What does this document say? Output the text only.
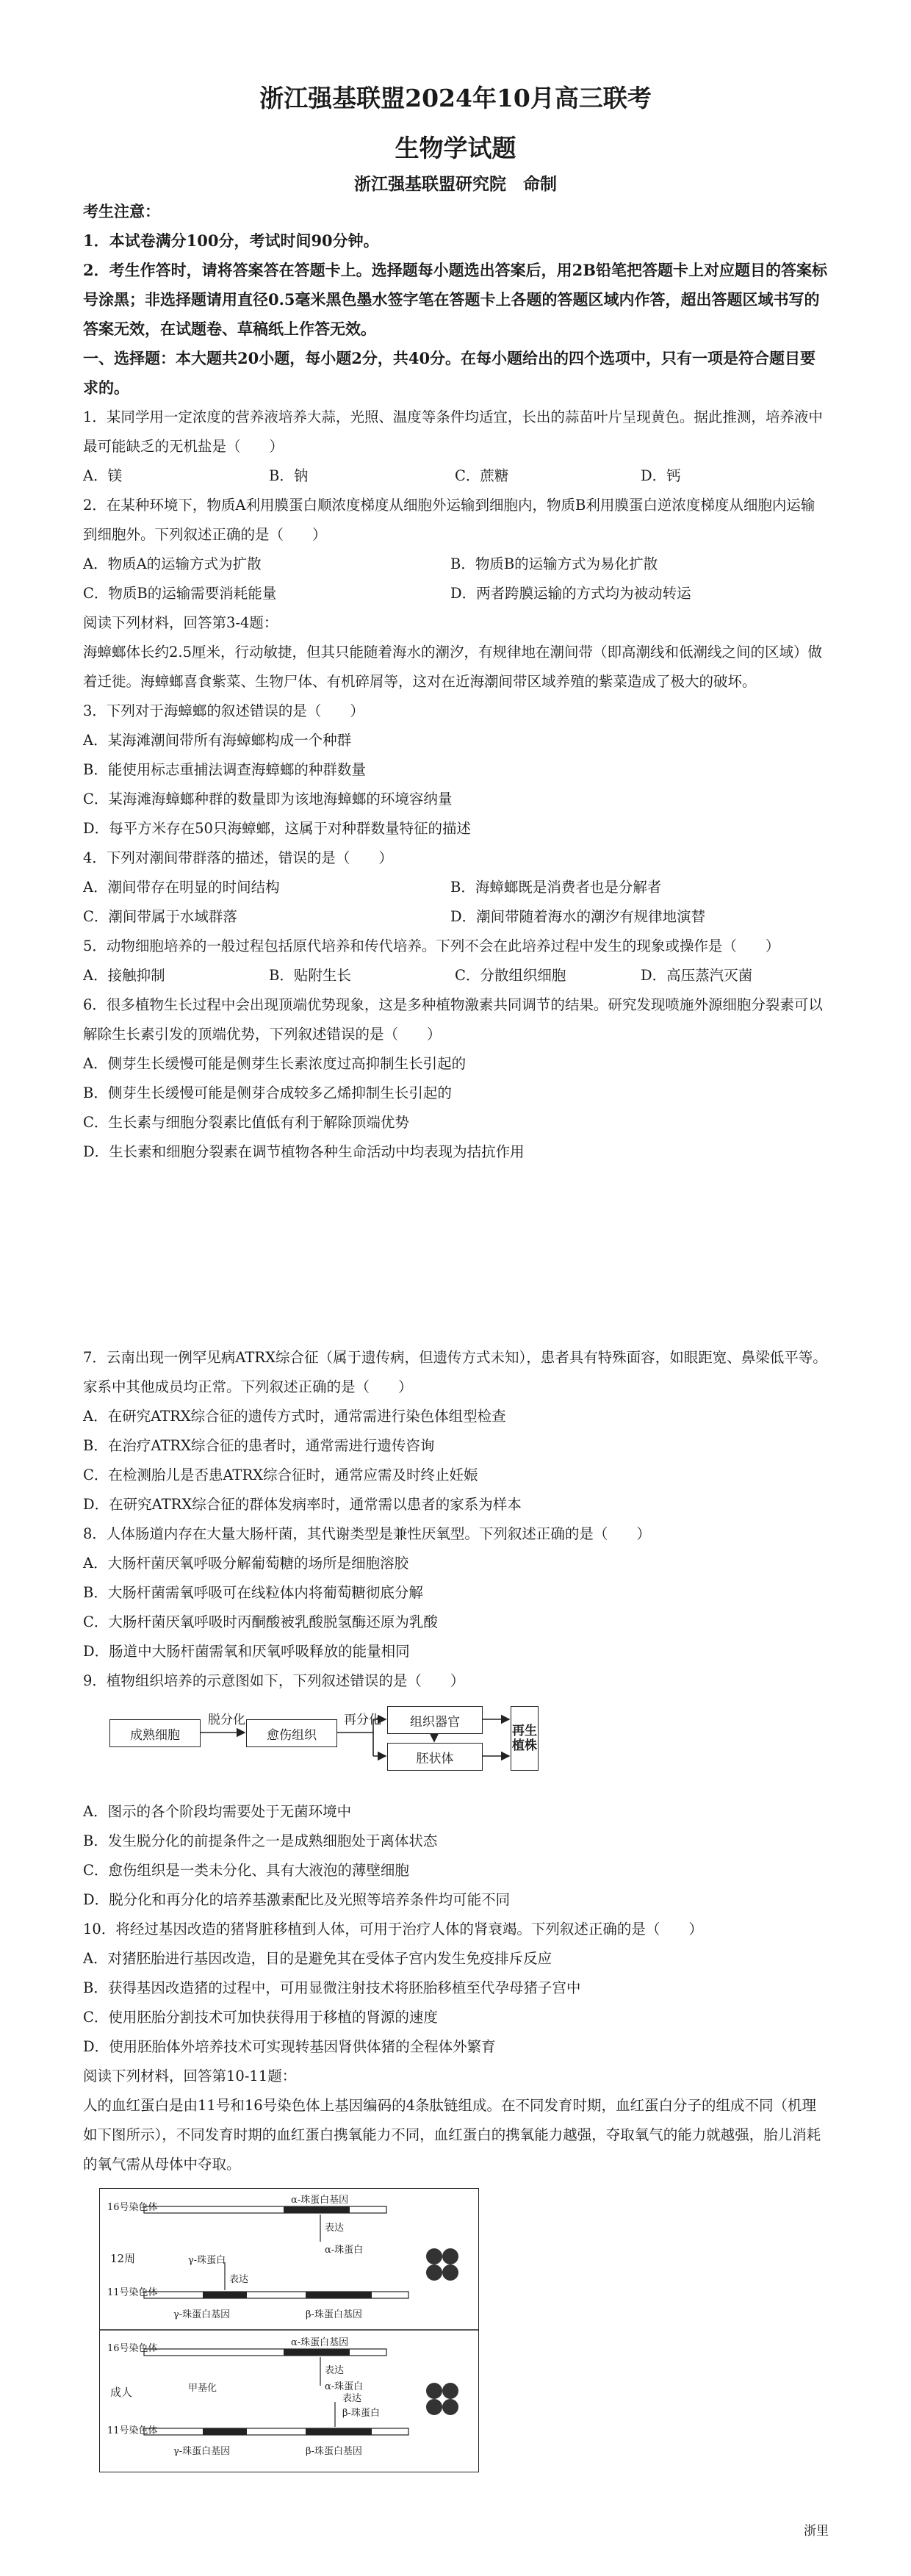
浙江强基联盟2024年10月高三联考
生物学试题
浙江强基联盟研究院　命制

考生注意：

1．本试卷满分100分，考试时间90分钟。

2．考生作答时，请将答案答在答题卡上。选择题每小题选出答案后，用2B铅笔把答题卡上对应题目的答案标号涂黑；非选择题请用直径0.5毫米黑色墨水签字笔在答题卡上各题的答题区域内作答，超出答题区域书写的答案无效，在试题卷、草稿纸上作答无效。

一、选择题：本大题共20小题，每小题2分，共40分。在每小题给出的四个选项中，只有一项是符合题目要求的。

1．某同学用一定浓度的营养液培养大蒜，光照、温度等条件均适宜，长出的蒜苗叶片呈现黄色。据此推测，培养液中最可能缺乏的无机盐是（　　）

A．镁	B．钠	C．蔗糖	D．钙

2．在某种环境下，物质A利用膜蛋白顺浓度梯度从细胞外运输到细胞内，物质B利用膜蛋白逆浓度梯度从细胞内运输到细胞外。下列叙述正确的是（　　）

A．物质A的运输方式为扩散	B．物质B的运输方式为易化扩散
C．物质B的运输需要消耗能量	D．两者跨膜运输的方式均为被动转运

阅读下列材料，回答第3-4题：

海蟑螂体长约2.5厘米，行动敏捷，但其只能随着海水的潮汐，有规律地在潮间带（即高潮线和低潮线之间的区域）做着迁徙。海蟑螂喜食紫菜、生物尸体、有机碎屑等，这对在近海潮间带区域养殖的紫菜造成了极大的破坏。

3．下列对于海蟑螂的叙述错误的是（　　）

A．某海滩潮间带所有海蟑螂构成一个种群

B．能使用标志重捕法调查海蟑螂的种群数量

C．某海滩海蟑螂种群的数量即为该地海蟑螂的环境容纳量

D．每平方米存在50只海蟑螂，这属于对种群数量特征的描述

4．下列对潮间带群落的描述，错误的是（　　）

A．潮间带存在明显的时间结构	B．海蟑螂既是消费者也是分解者
C．潮间带属于水域群落	D．潮间带随着海水的潮汐有规律地演替

5．动物细胞培养的一般过程包括原代培养和传代培养。下列不会在此培养过程中发生的现象或操作是（　　）

A．接触抑制	B．贴附生长	C．分散组织细胞	D．高压蒸汽灭菌

6．很多植物生长过程中会出现顶端优势现象，这是多种植物激素共同调节的结果。研究发现喷施外源细胞分裂素可以解除生长素引发的顶端优势，下列叙述错误的是（　　）

A．侧芽生长缓慢可能是侧芽生长素浓度过高抑制生长引起的

B．侧芽生长缓慢可能是侧芽合成较多乙烯抑制生长引起的

C．生长素与细胞分裂素比值低有利于解除顶端优势

D．生长素和细胞分裂素在调节植物各种生命活动中均表现为拮抗作用

7．云南出现一例罕见病ATRX综合征（属于遗传病，但遗传方式未知），患者具有特殊面容，如眼距宽、鼻梁低平等。家系中其他成员均正常。下列叙述正确的是（　　）

A．在研究ATRX综合征的遗传方式时，通常需进行染色体组型检查

B．在治疗ATRX综合征的患者时，通常需进行遗传咨询

C．在检测胎儿是否患ATRX综合征时，通常应需及时终止妊娠

D．在研究ATRX综合征的群体发病率时，通常需以患者的家系为样本

8．人体肠道内存在大量大肠杆菌，其代谢类型是兼性厌氧型。下列叙述正确的是（　　）

A．大肠杆菌厌氧呼吸分解葡萄糖的场所是细胞溶胶

B．大肠杆菌需氧呼吸可在线粒体内将葡萄糖彻底分解

C．大肠杆菌厌氧呼吸时丙酮酸被乳酸脱氢酶还原为乳酸

D．肠道中大肠杆菌需氧和厌氧呼吸释放的能量相同

9．植物组织培养的示意图如下，下列叙述错误的是（　　）

成熟细胞
脱分化
愈伤组织
再分化	组织器官
胚状体
再生植株

A．图示的各个阶段均需要处于无菌环境中

B．发生脱分化的前提条件之一是成熟细胞处于离体状态

C．愈伤组织是一类未分化、具有大液泡的薄壁细胞

D．脱分化和再分化的培养基激素配比及光照等培养条件均可能不同

10．将经过基因改造的猪肾脏移植到人体，可用于治疗人体的肾衰竭。下列叙述正确的是（　　）

A．对猪胚胎进行基因改造，目的是避免其在受体子宫内发生免疫排斥反应

B．获得基因改造猪的过程中，可用显微注射技术将胚胎移植至代孕母猪子宫中

C．使用胚胎分割技术可加快获得用于移植的肾源的速度

D．使用胚胎体外培养技术可实现转基因肾供体猪的全程体外繁育

阅读下列材料，回答第10-11题：

人的血红蛋白是由11号和16号染色体上基因编码的4条肽链组成。在不同发育时期，血红蛋白分子的组成不同（机理如下图所示），不同发育时期的血红蛋白携氧能力不同，血红蛋白的携氧能力越强，夺取氧气的能力就越强，胎儿消耗的氧气需从母体中夺取。

16号染色体
α-珠蛋白基因
表达
α-珠蛋白
12周	γ-珠蛋白
表达
11号染色体
γ-珠蛋白基因	β-珠蛋白基因
16号染色体
α-珠蛋白基因
表达
α-珠蛋白
成人	甲基化
表达
β-珠蛋白
11号染色体
γ-珠蛋白基因	β-珠蛋白基因
浙里
